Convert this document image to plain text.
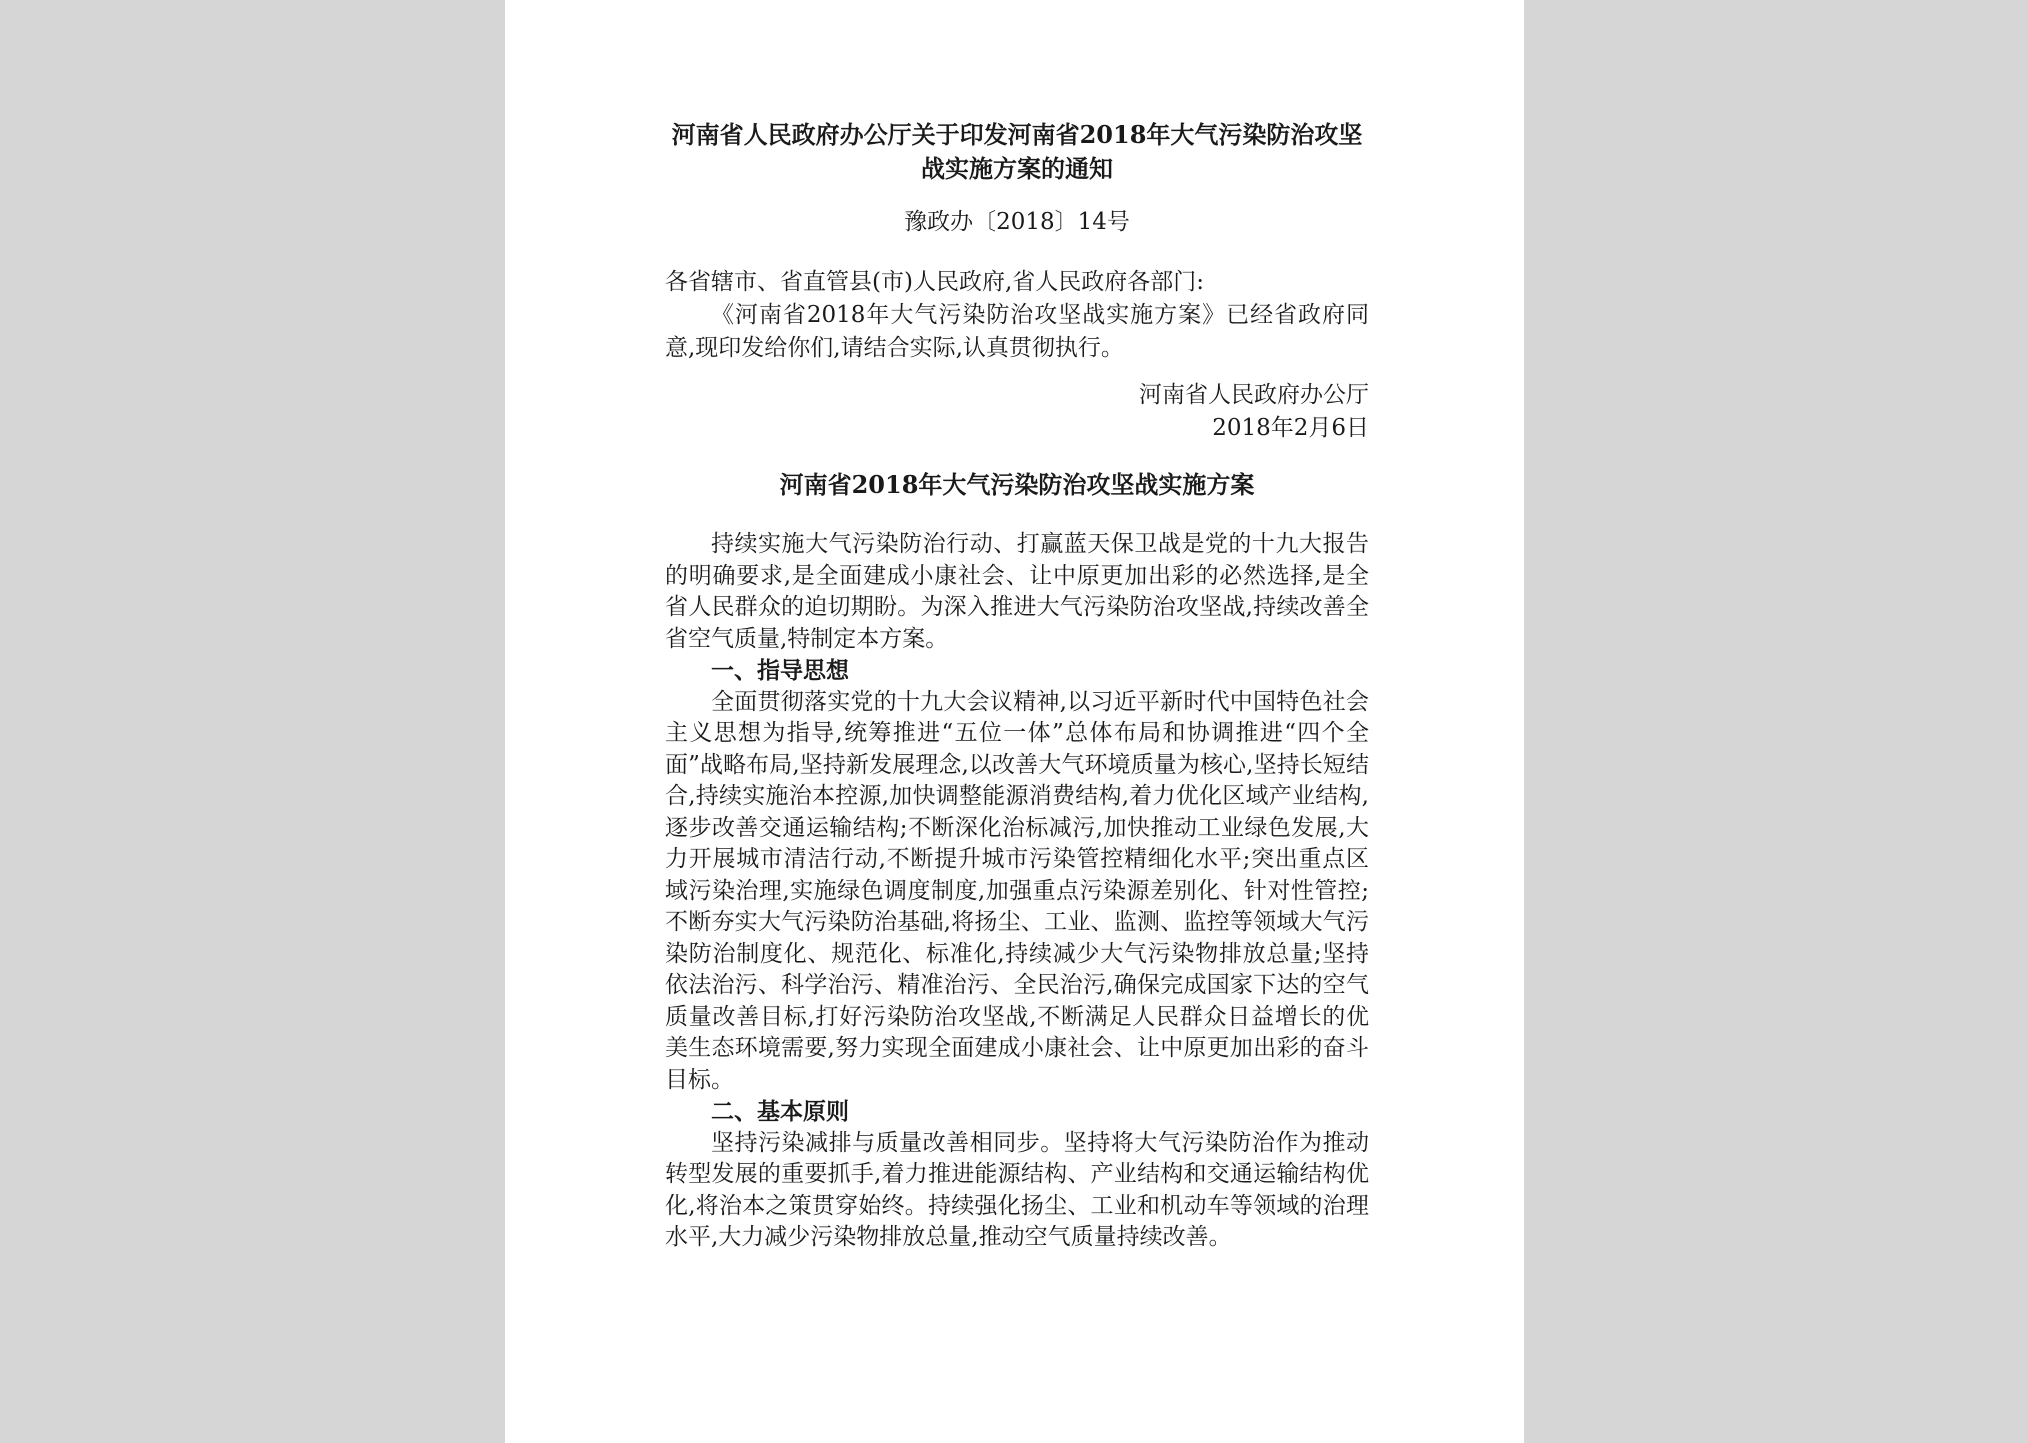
河南省人民政府办公厅关于印发河南省2018年大气污染防治攻坚战实施方案的通知
豫政办〔2018〕14号
各省辖市、省直管县(市)人民政府,省人民政府各部门:
《河南省2018年大气污染防治攻坚战实施方案》已经省政府同意,现印发给你们,请结合实际,认真贯彻执行。
河南省人民政府办公厅
2018年2月6日
河南省2018年大气污染防治攻坚战实施方案
持续实施大气污染防治行动、打赢蓝天保卫战是党的十九大报告的明确要求,是全面建成小康社会、让中原更加出彩的必然选择,是全省人民群众的迫切期盼。为深入推进大气污染防治攻坚战,持续改善全省空气质量,特制定本方案。
一、指导思想
全面贯彻落实党的十九大会议精神,以习近平新时代中国特色社会主义思想为指导,统筹推进“五位一体”总体布局和协调推进“四个全面”战略布局,坚持新发展理念,以改善大气环境质量为核心,坚持长短结合,持续实施治本控源,加快调整能源消费结构,着力优化区域产业结构,逐步改善交通运输结构;不断深化治标减污,加快推动工业绿色发展,大力开展城市清洁行动,不断提升城市污染管控精细化水平;突出重点区域污染治理,实施绿色调度制度,加强重点污染源差别化、针对性管控;不断夯实大气污染防治基础,将扬尘、工业、监测、监控等领域大气污染防治制度化、规范化、标准化,持续减少大气污染物排放总量;坚持依法治污、科学治污、精准治污、全民治污,确保完成国家下达的空气质量改善目标,打好污染防治攻坚战,不断满足人民群众日益增长的优美生态环境需要,努力实现全面建成小康社会、让中原更加出彩的奋斗目标。
二、基本原则
坚持污染减排与质量改善相同步。坚持将大气污染防治作为推动转型发展的重要抓手,着力推进能源结构、产业结构和交通运输结构优化,将治本之策贯穿始终。持续强化扬尘、工业和机动车等领域的治理水平,大力减少污染物排放总量,推动空气质量持续改善。
